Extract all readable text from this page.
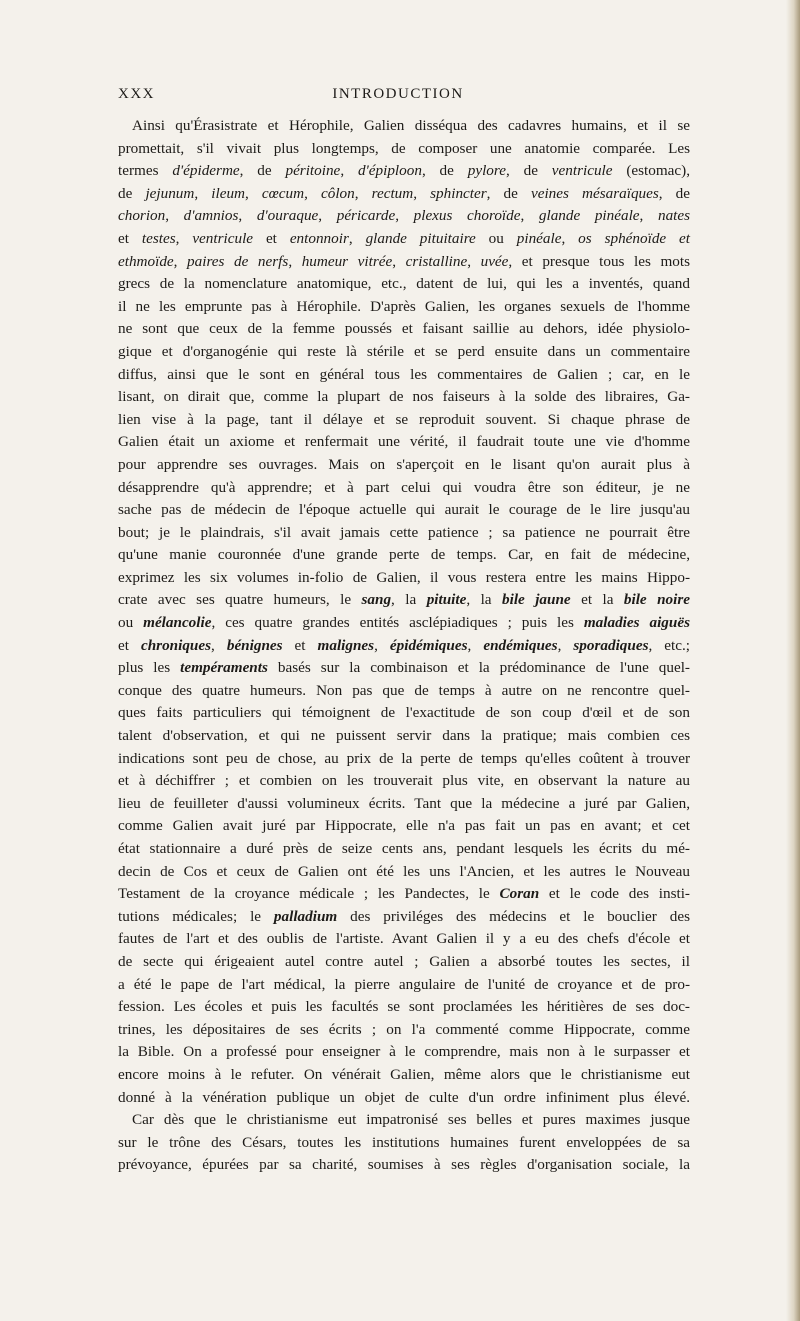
XXX	INTRODUCTION
Ainsi qu'Érasistrate et Hérophile, Galien disséqua des cadavres humains, et il se
promettait, s'il vivait plus longtemps, de composer une anatomie comparée. Les
termes d'épiderme, de péritoine, d'épiploon, de pylore, de ventricule (estomac),
de jejunum, ileum, cœcum, côlon, rectum, sphincter, de veines mésaraïques, de
chorion, d'amnios, d'ouraque, péricarde, plexus choroïde, glande pinéale, nates
et testes, ventricule et entonnoir, glande pituitaire ou pinéale, os sphénoïde et
ethmoïde, paires de nerfs, humeur vitrée, cristalline, uvée, et presque tous les mots
grecs de la nomenclature anatomique, etc., datent de lui, qui les a inventés, quand
il ne les emprunte pas à Hérophile. D'après Galien, les organes sexuels de l'homme
ne sont que ceux de la femme poussés et faisant saillie au dehors, idée physiolo-
gique et d'organogénie qui reste là stérile et se perd ensuite dans un commentaire
diffus, ainsi que le sont en général tous les commentaires de Galien ; car, en le
lisant, on dirait que, comme la plupart de nos faiseurs à la solde des libraires, Ga-
lien vise à la page, tant il délaye et se reproduit souvent. Si chaque phrase de
Galien était un axiome et renfermait une vérité, il faudrait toute une vie d'homme
pour apprendre ses ouvrages. Mais on s'aperçoit en le lisant qu'on aurait plus à
désapprendre qu'à apprendre; et à part celui qui voudra être son éditeur, je ne
sache pas de médecin de l'époque actuelle qui aurait le courage de le lire jusqu'au
bout; je le plaindrais, s'il avait jamais cette patience ; sa patience ne pourrait être
qu'une manie couronnée d'une grande perte de temps. Car, en fait de médecine,
exprimez les six volumes in-folio de Galien, il vous restera entre les mains Hippo-
crate avec ses quatre humeurs, le sang, la pituite, la bile jaune et la bile noire
ou mélancolie, ces quatre grandes entités asclépiadiques ; puis les maladies aiguës
et chroniques, bénignes et malignes, épidémiques, endémiques, sporadiques, etc.;
plus les tempéraments basés sur la combinaison et la prédominance de l'une quel-
conque des quatre humeurs. Non pas que de temps à autre on ne rencontre quel-
ques faits particuliers qui témoignent de l'exactitude de son coup d'œil et de son
talent d'observation, et qui ne puissent servir dans la pratique; mais combien ces
indications sont peu de chose, au prix de la perte de temps qu'elles coûtent à trouver
et à déchiffrer ; et combien on les trouverait plus vite, en observant la nature au
lieu de feuilleter d'aussi volumineux écrits. Tant que la médecine a juré par Galien,
comme Galien avait juré par Hippocrate, elle n'a pas fait un pas en avant; et cet
état stationnaire a duré près de seize cents ans, pendant lesquels les écrits du mé-
decin de Cos et ceux de Galien ont été les uns l'Ancien, et les autres le Nouveau
Testament de la croyance médicale ; les Pandectes, le Coran et le code des insti-
tutions médicales; le palladium des priviléges des médecins et le bouclier des
fautes de l'art et des oublis de l'artiste. Avant Galien il y a eu des chefs d'école et
de secte qui érigeaient autel contre autel ; Galien a absorbé toutes les sectes, il
a été le pape de l'art médical, la pierre angulaire de l'unité de croyance et de pro-
fession. Les écoles et puis les facultés se sont proclamées les héritières de ses doc-
trines, les dépositaires de ses écrits ; on l'a commenté comme Hippocrate, comme
la Bible. On a professé pour enseigner à le comprendre, mais non à le surpasser et
encore moins à le refuter. On vénérait Galien, même alors que le christianisme eut
donné à la vénération publique un objet de culte d'un ordre infiniment plus élevé.
Car dès que le christianisme eut impatronisé ses belles et pures maximes jusque
sur le trône des Césars, toutes les institutions humaines furent enveloppées de sa
prévoyance, épurées par sa charité, soumises à ses règles d'organisation sociale, la
